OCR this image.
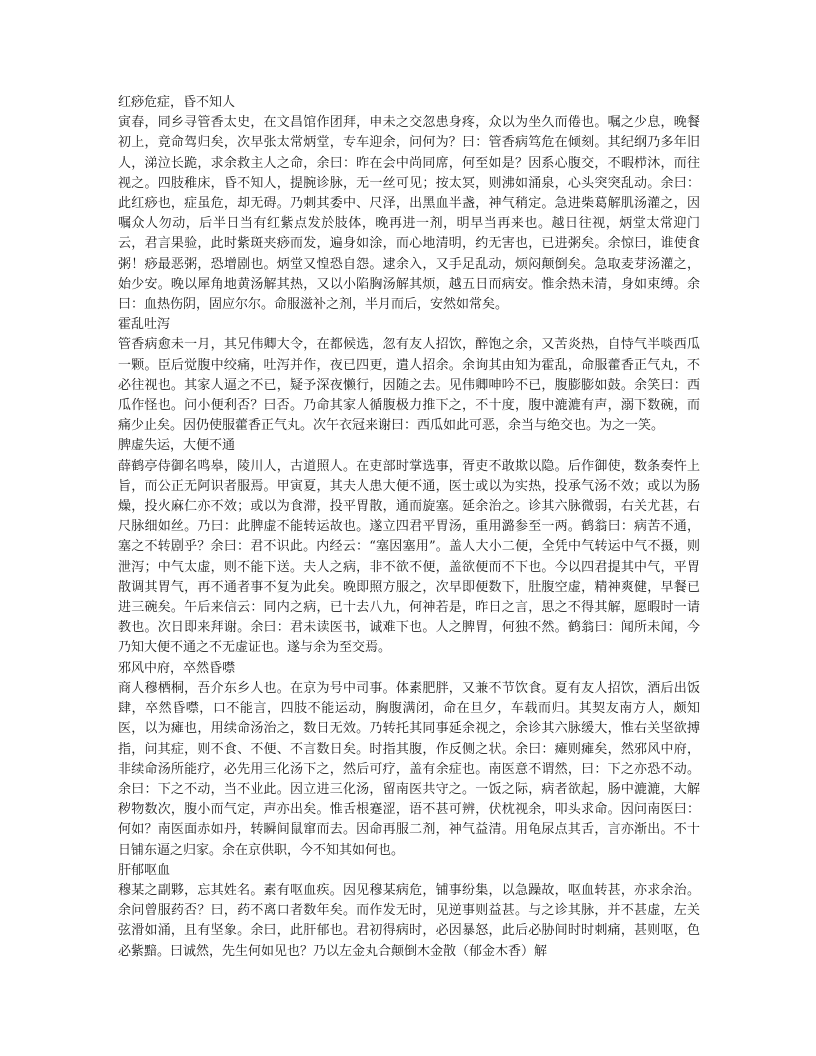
红痧危症，昏不知人

寅春，同乡寻管香太史，在文昌馆作团拜，申未之交忽患身疼，众以为坐久而倦也。嘱之少息，晚餐初上，竟命驾归矣，次早张太常炳堂，专车迎余，问何为？曰：管香病笃危在倾刻。其纪纲乃多年旧人，涕泣长跪，求余救主人之命，余曰：昨在会中尚同席，何至如是？因系心腹交，不暇栉沐，而往视之。四肢稚床，昏不知人，提腕诊脉，无一丝可见；按太冥，则沸如涌泉，心头突突乱动。余曰：此红痧也，症虽危，却无碍。乃刺其委中、尺泽，出黑血半盏，神气稍定。急进柴葛解肌汤灌之，因嘱众人勿动，后半日当有红紫点发於肢体，晚再进一剂，明早当再来也。越日往视，炳堂太常迎门云，君言果验，此时紫斑夹痧而发，遍身如涂，而心地清明，约无害也，已进粥矣。余惊曰，谁使食粥！痧最恶粥，恐增剧也。炳堂又惶恐自怨。逮余入，又手足乱动，烦闷颠倒矣。急取麦芽汤灌之，始少安。晚以犀角地黄汤解其热，又以小陷胸汤解其烦，越五日而病安。惟余热未清，身如束缚。余曰：血热伤阴，固应尔尔。命服滋补之剂，半月而后，安然如常矣。

霍乱吐泻

管香病愈未一月，其兄伟卿大令，在都候选，忽有友人招饮，醉饱之余，又苦炎热，自恃气半啖西瓜一颗。臣后觉腹中绞痛，吐泻并作，夜已四更，遣人招余。余询其由知为霍乱，命服藿香正气丸，不必往视也。其家人逼之不已，疑予深夜懒行，因随之去。见伟卿呻吟不已，腹膨膨如鼓。余笑曰：西瓜作怪也。问小便利否？曰否。乃命其家人循腹极力推下之，不十度，腹中漉漉有声，溺下数碗，而痛少止矣。因仍使服藿香正气丸。次午衣冠来谢曰：西瓜如此可恶，余当与绝交也。为之一笑。

脾虚失运，大便不通

薛鹤亭侍御名鸣皋，陵川人，古道照人。在吏部时掌选事，胥吏不敢欺以隐。后作御使，数条奏忤上旨，而公正无阿识者服焉。甲寅夏，其夫人患大便不通，医士或以为实热，投承气汤不效；或以为肠燥，投火麻仁亦不效；或以为食滞，投平胃散，通而旋塞。延余治之。诊其六脉微弱，右关尤甚，右尺脉细如丝。乃曰：此脾虚不能转运故也。遂立四君平胃汤，重用潞参至一两。鹤翁曰：病苦不通，塞之不转剧乎？余曰：君不识此。内经云：“塞因塞用”。盖人大小二便，全凭中气转运中气不摄，则泄泻；中气太虚，则不能下送。夫人之病，非不欲不便，盖欲便而不下也。今以四君提其中气，平胃散调其胃气，再不通者事不复为此矣。晚即照方服之，次早即便数下，肚腹空虚，精神爽健，早餐已进三碗矣。午后来信云：同内之病，已十去八九，何神若是，昨日之言，思之不得其解，愿暇时一请教也。次日即来拜谢。余曰：君未读医书，诚难下也。人之脾胃，何独不然。鹤翁曰：闻所未闻，今乃知大便不通之不无虚证也。遂与余为至交焉。

邪风中府，卒然昏噤

商人穆栖桐，吾介东乡人也。在京为号中司事。体素肥胖，又兼不节饮食。夏有友人招饮，酒后出饭肆，卒然昏噤，口不能言，四肢不能运动，胸腹满闭，命在旦夕，车载而归。其契友南方人，颇知医，以为瘫也，用续命汤治之，数日无效。乃转托其同事延余视之，余诊其六脉缓大，惟右关坚欲搏指，问其症，则不食、不便、不言数日矣。时指其腹，作反侧之状。余曰：瘫则瘫矣，然邪风中府，非续命汤所能疗，必先用三化汤下之，然后可疗，盖有余症也。南医意不谓然，曰：下之亦恐不动。余曰：下之不动，当不业此。因立进三化汤，留南医共守之。一饭之际，病者欲起，肠中漉漉，大解秽物数次，腹小而气定，声亦出矣。惟舌根蹇涩，语不甚可辨，伏枕视余，叩头求命。因问南医曰：何如？南医面赤如丹，转瞬间鼠窜而去。因命再服二剂，神气益清。用龟尿点其舌，言亦渐出。不十日铺东逼之归家。余在京供职，今不知其如何也。

肝郁呕血

穆某之副夥，忘其姓名。素有呕血疾。因见穆某病危，铺事纷集，以急躁故，呕血转甚，亦求余治。余问曾服药否？曰，药不离口者数年矣。而作发无时，见逆事则益甚。与之诊其脉，并不甚虚，左关弦滑如涌，且有坚象。余曰，此肝郁也。君初得病时，必因暴怒，此后必胁间时时刺痛，甚则呕，色必紫黯。曰诚然，先生何如见也？乃以左金丸合颠倒木金散（郁金木香）解
